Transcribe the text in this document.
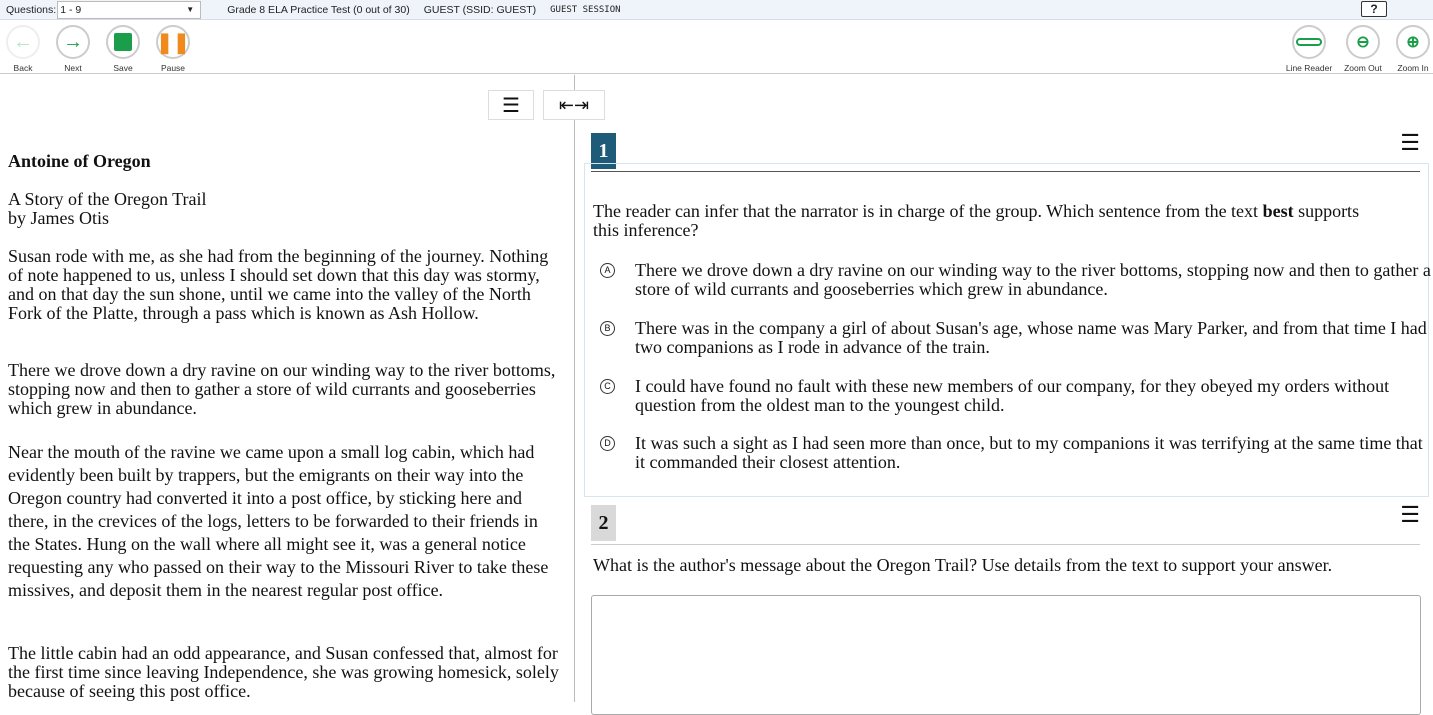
Questions: 1 - 9	▼	Grade 8 ELA Practice Test (0 out of 30) GUEST (SSID: GUEST) GUEST SESSION	?
←
Back
→
Next	Save
❚❚
Pause	Line Reader
⊖
Zoom Out
⊕
Zoom In
☰	⇤⇥
Antoine of Oregon

A Story of the Oregon Trail

by James Otis

Susan rode with me, as she had from the beginning of the journey. Nothing of note happened to us, unless I should set down that this day was stormy, and on that day the sun shone, until we came into the valley of the North Fork of the Platte, through a pass which is known as Ash Hollow.

There we drove down a dry ravine on our winding way to the river bottoms, stopping now and then to gather a store of wild currants and gooseberries which grew in abundance.

Near the mouth of the ravine we came upon a small log cabin, which had evidently been built by trappers, but the emigrants on their way into the Oregon country had converted it into a post office, by sticking here and there, in the crevices of the logs, letters to be forwarded to their friends in the States. Hung on the wall where all might see it, was a general notice requesting any who passed on their way to the Missouri River to take these missives, and deposit them in the nearest regular post office.

The little cabin had an odd appearance, and Susan confessed that, almost for the first time since leaving Independence, she was growing homesick, solely because of seeing this post office.

1	☰
The reader can infer that the narrator is in charge of the group. Which sentence from the text best supports this inference?
A There we drove down a dry ravine on our winding way to the river bottoms, stopping now and then to gather a store of wild currants and gooseberries which grew in abundance.
B There was in the company a girl of about Susan's age, whose name was Mary Parker, and from that time I had two companions as I rode in advance of the train.
C I could have found no fault with these new members of our company, for they obeyed my orders without question from the oldest man to the youngest child.
D It was such a sight as I had seen more than once, but to my companions it was terrifying at the same time that it commanded their closest attention.
2	☰
What is the author's message about the Oregon Trail? Use details from the text to support your answer.
